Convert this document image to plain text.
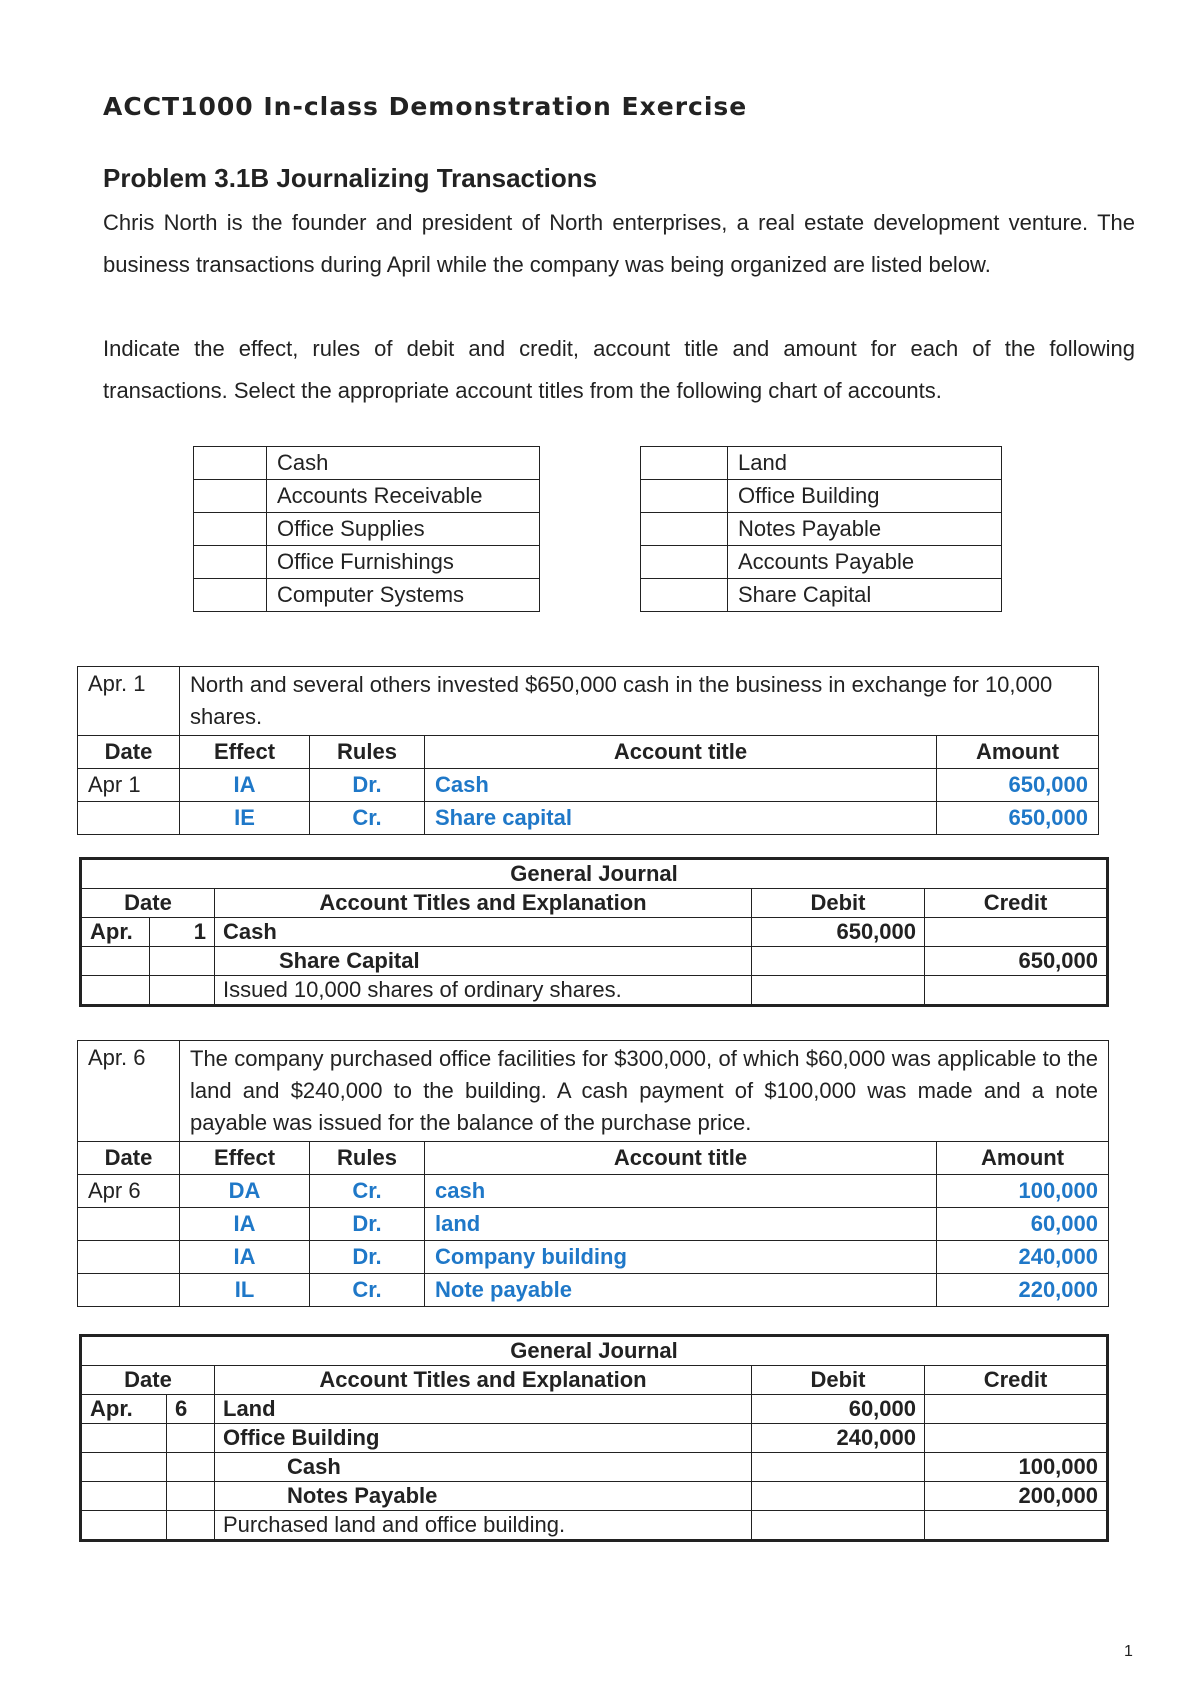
ACCT1000 In-class Demonstration Exercise
Problem 3.1B Journalizing Transactions
Chris North is the founder and president of North enterprises, a real estate development venture. The business transactions during April while the company was being organized are listed below.
Indicate the effect, rules of debit and credit, account title and amount for each of the following transactions. Select the appropriate account titles from the following chart of accounts.
	Cash
	Accounts Receivable
	Office Supplies
	Office Furnishings
	Computer Systems
	Land
	Office Building
	Notes Payable
	Accounts Payable
	Share Capital
Apr. 1	North and several others invested $650,000 cash in the business in exchange for 10,000 shares.			
Date	Effect	Rules	Account title	Amount
Apr 1	IA	Dr.	Cash	650,000
	IE	Cr.	Share capital	650,000
General Journal				
Date		Account Titles and Explanation	Debit	Credit
Apr.	1	Cash	650,000	
		Share Capital		650,000
		Issued 10,000 shares of ordinary shares.		
Apr. 6	The company purchased office facilities for $300,000, of which $60,000 was applicable to the land and $240,000 to the building. A cash payment of $100,000 was made and a note payable was issued for the balance of the purchase price.			
Date	Effect	Rules	Account title	Amount
Apr 6	DA	Cr.	cash	100,000
	IA	Dr.	land	60,000
	IA	Dr.	Company building	240,000
	IL	Cr.	Note payable	220,000
General Journal				
Date		Account Titles and Explanation	Debit	Credit
Apr.	6	Land	60,000	
		Office Building	240,000	
		Cash		100,000
		Notes Payable		200,000
		Purchased land and office building.		
1
